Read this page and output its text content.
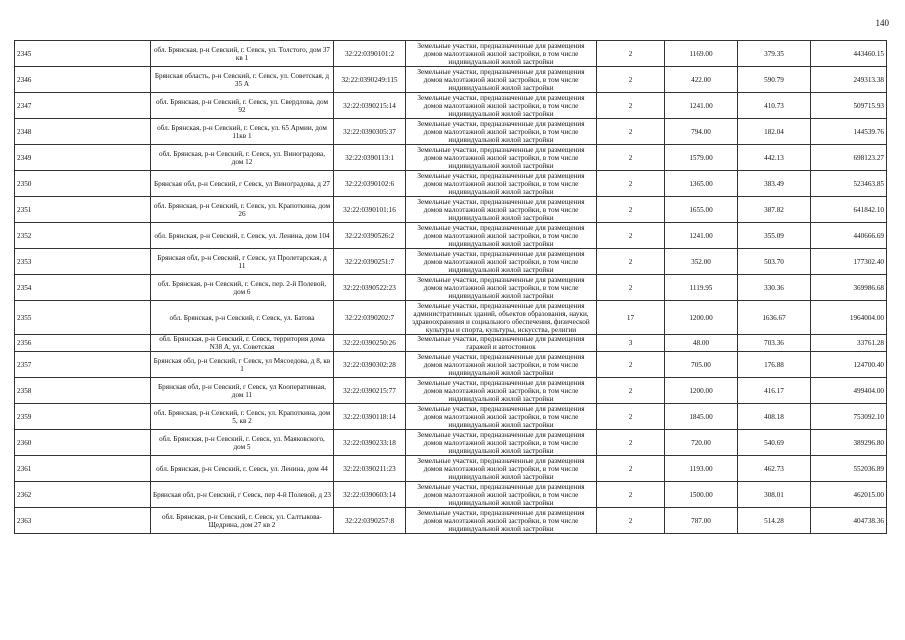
140
2345	обл. Брянская, р-н Севский, г. Севск, ул. Толстого, дом 37 кв 1	32:22:0390101:2	Земельные участки, предназначенные для размещения домов малоэтажной жилой застройки, в том числе индивидуальной жилой застройки	2	1169.00	379.35	443460.15
2346	Брянская область, р-н Севский, г. Севск, ул. Советская, д 35 А	32:22:0390249:115	Земельные участки, предназначенные для размещения домов малоэтажной жилой застройки, в том числе индивидуальной жилой застройки	2	422.00	590.79	249313.38
2347	обл. Брянская, р-н Севский, г. Севск, ул. Свердлова, дом 92	32:22:0390215:14	Земельные участки, предназначенные для размещения домов малоэтажной жилой застройки, в том числе индивидуальной жилой застройки	2	1241.00	410.73	509715.93
2348	обл. Брянская, р-н Севский, г. Севск, ул. 65 Армии, дом 11кв 1	32:22:0390305:37	Земельные участки, предназначенные для размещения домов малоэтажной жилой застройки, в том числе индивидуальной жилой застройки	2	794.00	182.04	144539.76
2349	обл. Брянская, р-н Севский, г. Севск, ул. Виноградова, дом 12	32:22:0390113:1	Земельные участки, предназначенные для размещения домов малоэтажной жилой застройки, в том числе индивидуальной жилой застройки	2	1579.00	442.13	698123.27
2350	Брянская обл, р-н Севский, г Севск, ул Виноградова, д 27	32:22:0390102:6	Земельные участки, предназначенные для размещения домов малоэтажной жилой застройки, в том числе индивидуальной жилой застройки	2	1365.00	383.49	523463.85
2351	обл. Брянская, р-н Севский, г. Севск, ул. Крапоткина, дом 26	32:22:0390101:16	Земельные участки, предназначенные для размещения домов малоэтажной жилой застройки, в том числе индивидуальной жилой застройки	2	1655.00	387.82	641842.10
2352	обл. Брянская, р-н Севский, г. Севск, ул. Ленина, дом 104	32:22:0390526:2	Земельные участки, предназначенные для размещения домов малоэтажной жилой застройки, в том числе индивидуальной жилой застройки	2	1241.00	355.09	440666.69
2353	Брянская обл, р-н Севский, г Севск, ул Пролетарская, д 11	32:22:0390251:7	Земельные участки, предназначенные для размещения домов малоэтажной жилой застройки, в том числе индивидуальной жилой застройки	2	352.00	503.70	177302.40
2354	обл. Брянская, р-н Севский, г. Севск, пер. 2-й Полевой, дом 6	32:22:0390522:23	Земельные участки, предназначенные для размещения домов малоэтажной жилой застройки, в том числе индивидуальной жилой застройки	2	1119.95	330.36	369986.68
2355	обл. Брянская, р-н Севский, г. Севск, ул. Батова	32:22:0390202:7	Земельные участки, предназначенные для размещения административных зданий, объектов образования, науки, здравоохранения и социального обеспечения, физической культуры и спорта, культуры, искусства, религии	17	1200.00	1636.67	1964004.00
2356	обл. Брянская, р-н Севский, г. Севск, территория дома N38 А, ул. Советская	32:22:0390250:26	Земельные участки, предназначенные для размещения гаражей и автостоянок	3	48.00	703.36	33761.28
2357	Брянская обл, р-н Севский, г Севск, ул Мясоедова, д 8, кв 1	32:22:0390302:28	Земельные участки, предназначенные для размещения домов малоэтажной жилой застройки, в том числе индивидуальной жилой застройки	2	705.00	176.88	124700.40
2358	Брянская обл, р-н Севский, г Севск, ул Кооперативная, дом 11	32:22:0390215:77	Земельные участки, предназначенные для размещения домов малоэтажной жилой застройки, в том числе индивидуальной жилой застройки	2	1200.00	416.17	499404.00
2359	обл. Брянская, р-н Севский, г. Севск, ул. Крапоткина, дом 5, кв 2	32:22:0390118:14	Земельные участки, предназначенные для размещения домов малоэтажной жилой застройки, в том числе индивидуальной жилой застройки	2	1845.00	408.18	753092.10
2360	обл. Брянская, р-н Севский, г. Севск, ул. Маяковского, дом 5	32:22:0390233:18	Земельные участки, предназначенные для размещения домов малоэтажной жилой застройки, в том числе индивидуальной жилой застройки	2	720.00	540.69	389296.80
2361	обл. Брянская, р-н Севский, г. Севск, ул. Ленина, дом 44	32:22:0390211:23	Земельные участки, предназначенные для размещения домов малоэтажной жилой застройки, в том числе индивидуальной жилой застройки	2	1193.00	462.73	552036.89
2362	Брянская обл, р-н Севский, г Севск, пер 4-й Полевой, д 23	32:22:0390603:14	Земельные участки, предназначенные для размещения домов малоэтажной жилой застройки, в том числе индивидуальной жилой застройки	2	1500.00	308.01	462015.00
2363	обл. Брянская, р-н Севский, г. Севск, ул. Салтыкова-Щедрина, дом 27 кв 2	32:22:0390257:8	Земельные участки, предназначенные для размещения домов малоэтажной жилой застройки, в том числе индивидуальной жилой застройки	2	787.00	514.28	404738.36
